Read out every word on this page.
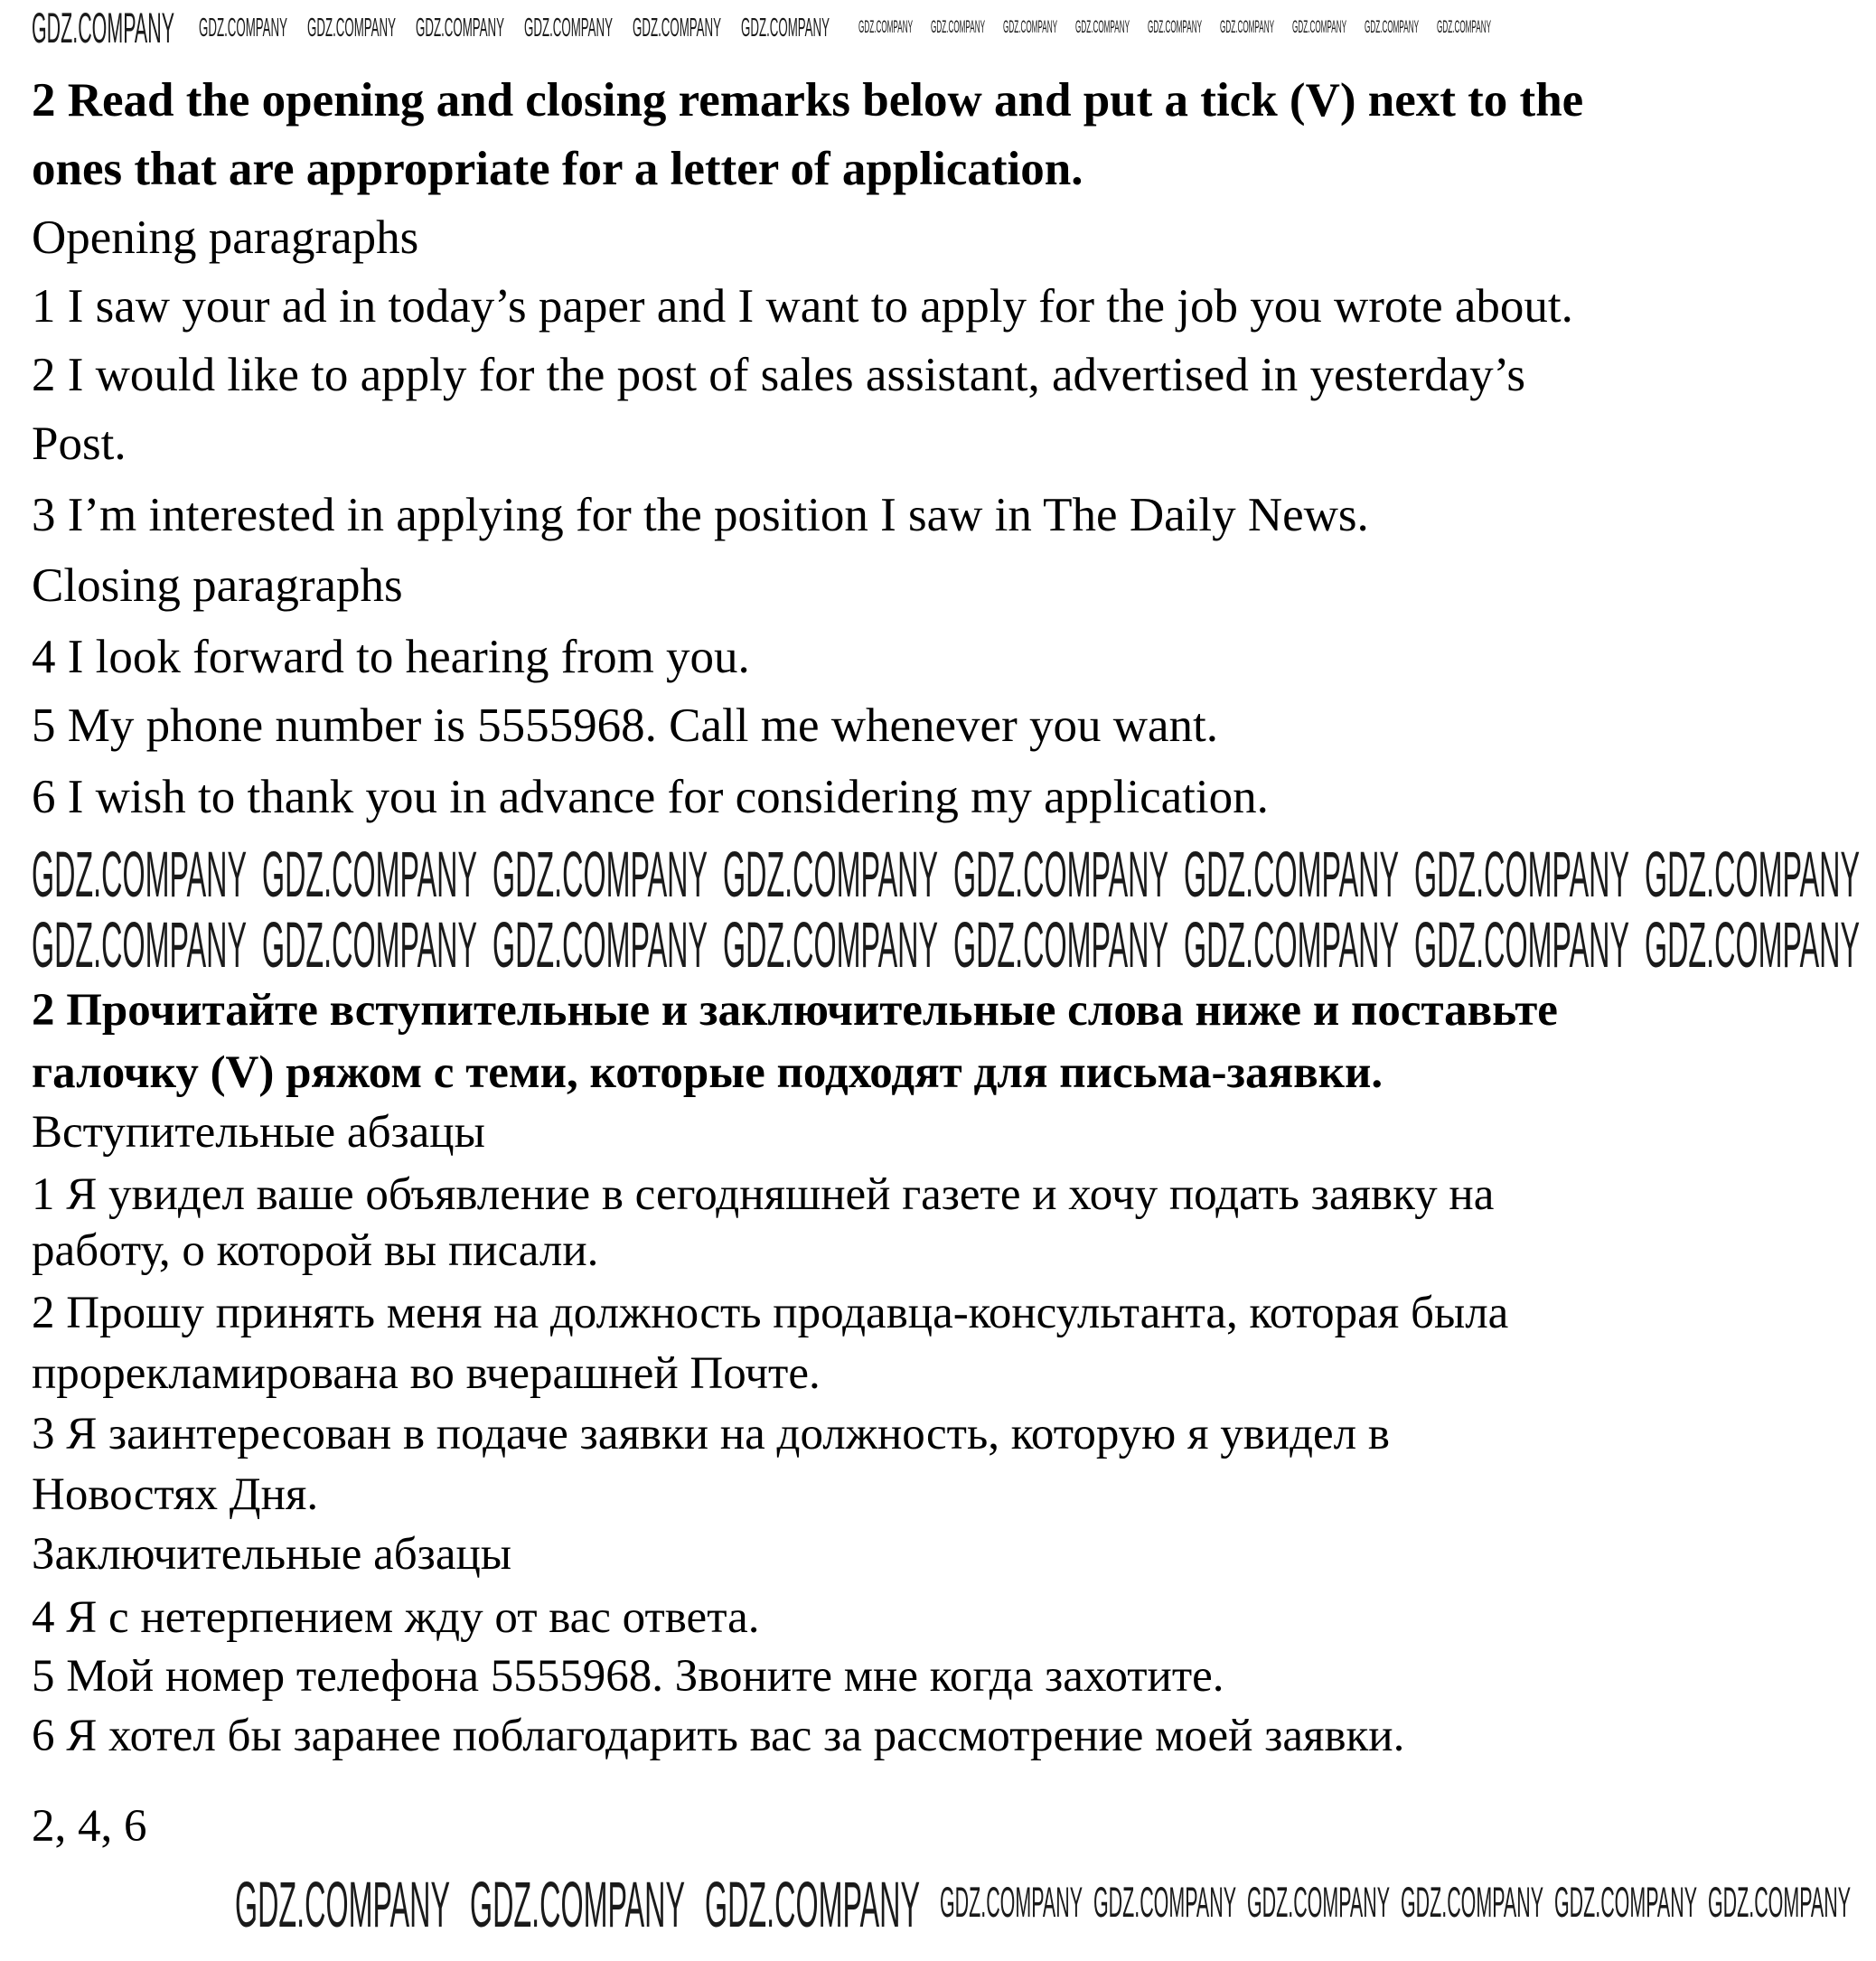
2 Read the opening and closing remarks below and put a tick (V) next to the
ones that are appropriate for a letter of application.
Opening paragraphs
1 I saw your ad in today’s paper and I want to apply for the job you wrote about.
2 I would like to apply for the post of sales assistant, advertised in yesterday’s
Post.
3 I’m interested in applying for the position I saw in The Daily News.
Closing paragraphs
4 I look forward to hearing from you.
5 My phone number is 5555968. Call me whenever you want.
6 I wish to thank you in advance for considering my application.
2 Прочитайте вступительные и заключительные слова ниже и поставьте
галочку (V) ряжом с теми, которые подходят для письма-заявки.
Вступительные абзацы
1 Я увидел ваше объявление в сегодняшней газете и хочу подать заявку на
работу, о которой вы писали.
2 Прошу принять меня на должность продавца-консультанта, которая была
прорекламирована во вчерашней Почте.
3 Я заинтересован в подаче заявки на должность, которую я увидел в
Новостях Дня.
Заключительные абзацы
4 Я с нетерпением жду от вас ответа.
5 Мой номер телефона 5555968. Звоните мне когда захотите.
6 Я хотел бы заранее поблагодарить вас за рассмотрение моей заявки.
2, 4, 6
GDZ.COMPANY GDZ.COMPANY GDZ.COMPANY GDZ.COMPANY GDZ.COMPANY GDZ.COMPANY GDZ.COMPANY GDZ.COMPANY GDZ.COMPANY GDZ.COMPANY GDZ.COMPANY GDZ.COMPANY GDZ.COMPANY GDZ.COMPANY GDZ.COMPANY GDZ.COMPANY
GDZ.COMPANY GDZ.COMPANY GDZ.COMPANY GDZ.COMPANY GDZ.COMPANY GDZ.COMPANY GDZ.COMPANY GDZ.COMPANY
GDZ.COMPANY GDZ.COMPANY GDZ.COMPANY GDZ.COMPANY GDZ.COMPANY GDZ.COMPANY GDZ.COMPANY GDZ.COMPANY
GDZ.COMPANY GDZ.COMPANY GDZ.COMPANY GDZ.COMPANY GDZ.COMPANY GDZ.COMPANY GDZ.COMPANY GDZ.COMPANY GDZ.COMPANY
